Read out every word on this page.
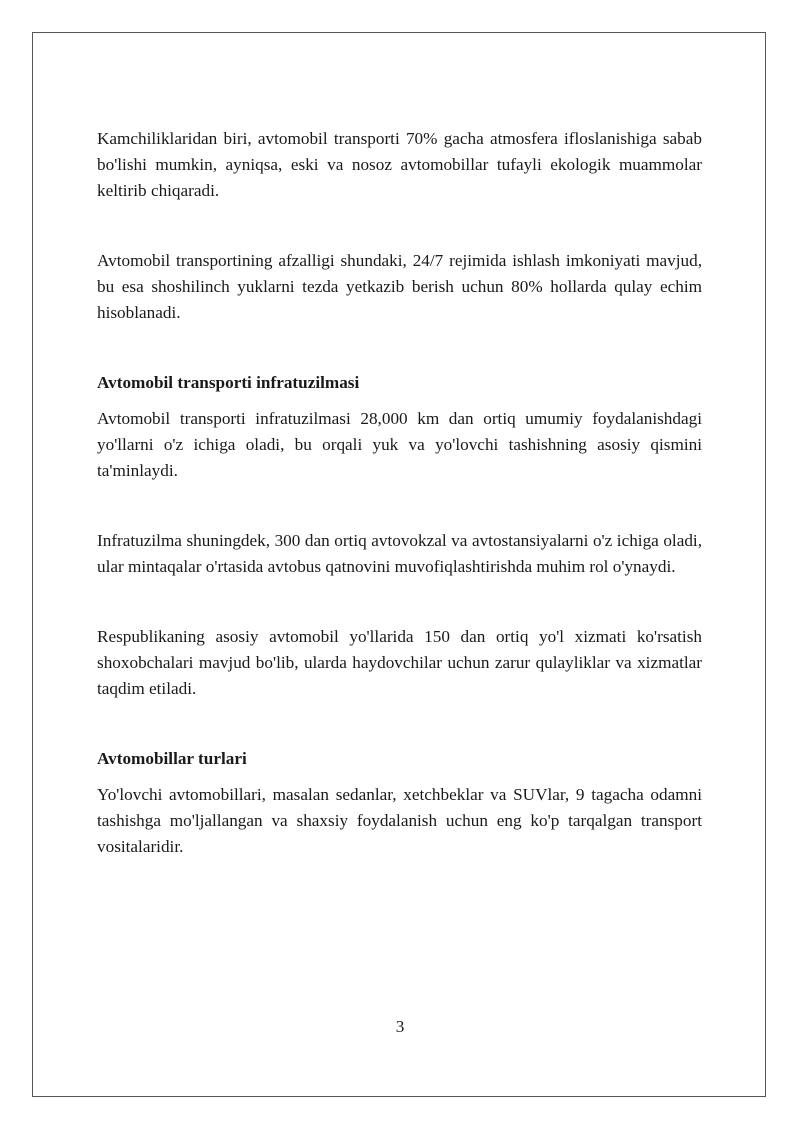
Kamchiliklaridan biri, avtomobil transporti 70% gacha atmosfera ifloslanishiga sabab bo'lishi mumkin, ayniqsa, eski va nosoz avtomobillar tufayli ekologik muammolar keltirib chiqaradi.

Avtomobil transportining afzalligi shundaki, 24/7 rejimida ishlash imkoniyati mavjud, bu esa shoshilinch yuklarni tezda yetkazib berish uchun 80% hollarda qulay echim hisoblanadi.

Avtomobil transporti infratuzilmasi

Avtomobil transporti infratuzilmasi 28,000 km dan ortiq umumiy foydalanishdagi yo'llarni o'z ichiga oladi, bu orqali yuk va yo'lovchi tashishning asosiy qismini ta'minlaydi.

Infratuzilma shuningdek, 300 dan ortiq avtovokzal va avtostansiyalarni o'z ichiga oladi, ular mintaqalar o'rtasida avtobus qatnovini muvofiqlashtirishda muhim rol o'ynaydi.

Respublikaning asosiy avtomobil yo'llarida 150 dan ortiq yo'l xizmati ko'rsatish shoxobchalari mavjud bo'lib, ularda haydovchilar uchun zarur qulayliklar va xizmatlar taqdim etiladi.

Avtomobillar turlari

Yo'lovchi avtomobillari, masalan sedanlar, xetchbeklar va SUVlar, 9 tagacha odamni tashishga mo'ljallangan va shaxsiy foydalanish uchun eng ko'p tarqalgan transport vositalaridir.

3
